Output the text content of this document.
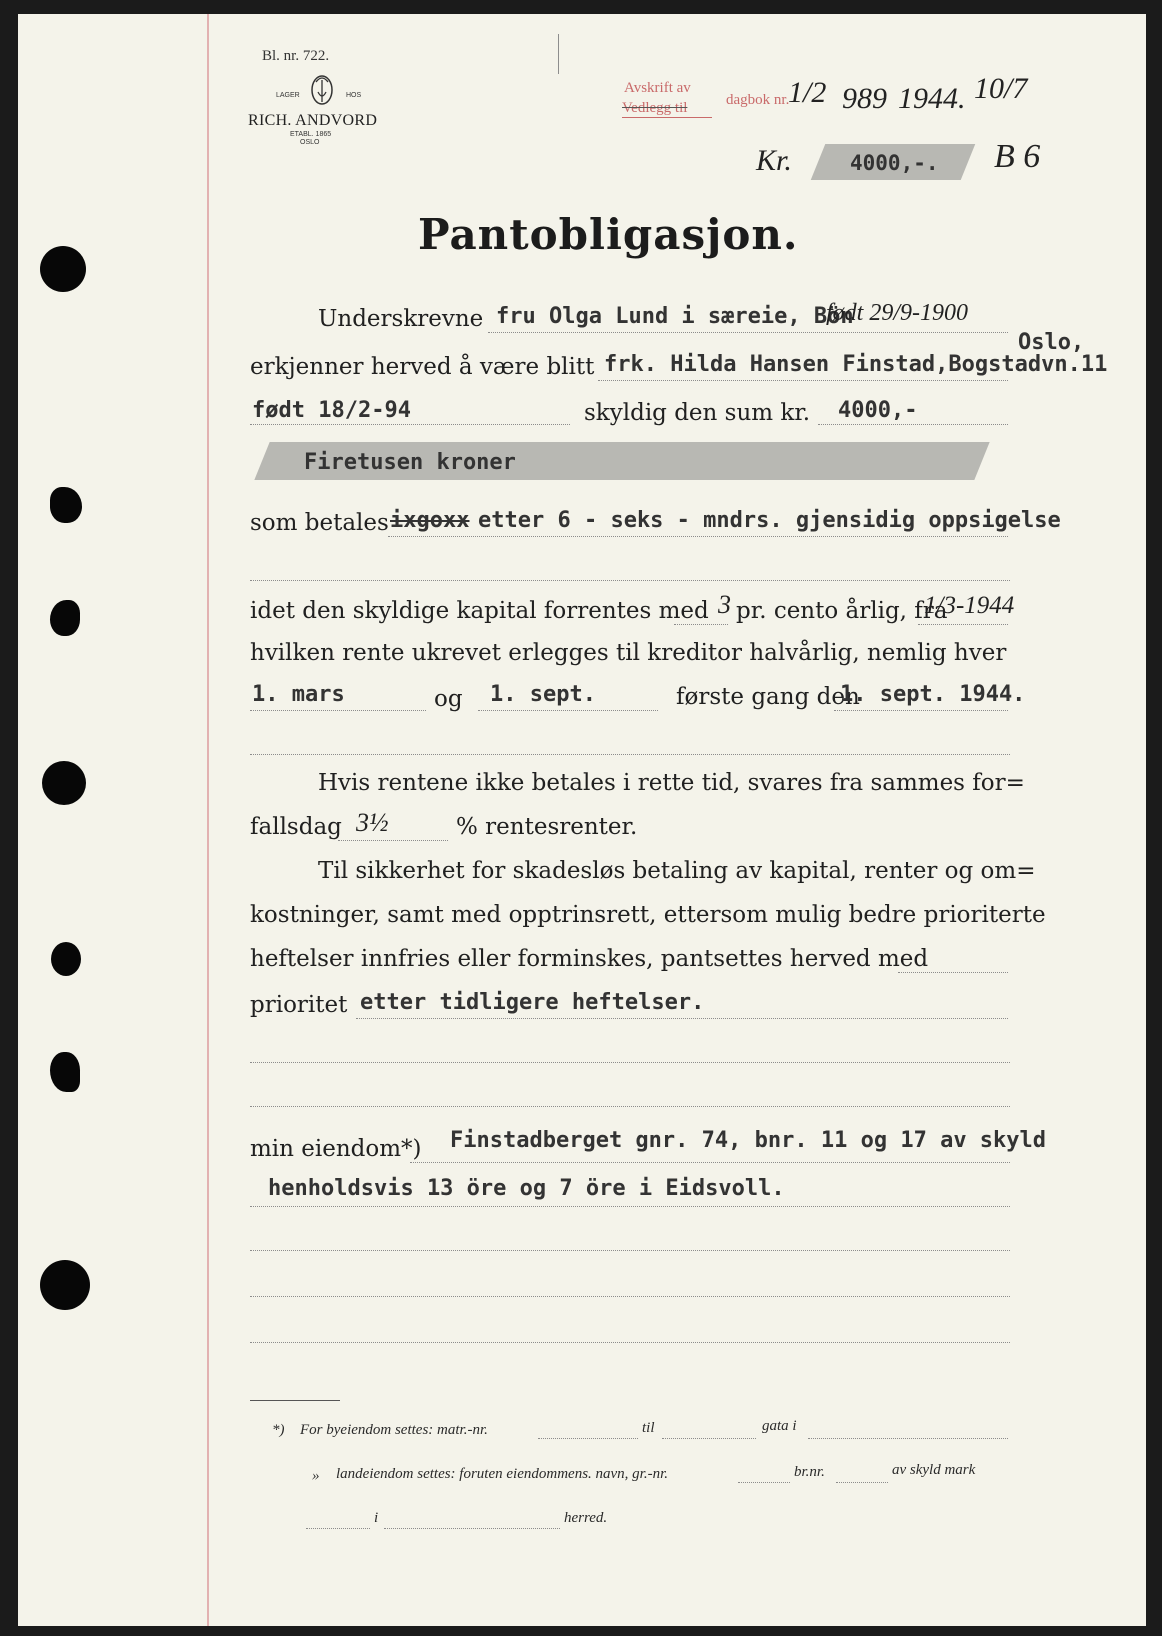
Bl. nr. 722.
LAGER	HOS
RICH. ANDVORD
ETABL. 1865
OSLO
Avskrift av
Vedlegg til	dagbok nr.
1/2 989 1944. 10/7
Kr.	4000,-. B 6
Pantobligasjon.
Underskrevne fru Olga Lund i særeie, Bön
født 29/9-1900
Oslo,
erkjenner herved å være blitt frk. Hilda Hansen Finstad,Bogstadvn.11
født 18/2-94	skyldig den sum kr. 4000,-
Firetusen kroner
som betales ixgoxx etter 6 - seks - mndrs. gjensidig oppsigelse
idet den skyldige kapital forrentes med 3 pr. cento årlig, fra
1/3-1944
hvilken rente ukrevet erlegges til kreditor halvårlig, nemlig hver
1. mars	og 1. sept.	første gang den
1. sept. 1944.
Hvis rentene ikke betales i rette tid, svares fra sammes for=
fallsdag 3½	% rentesrenter.
Til sikkerhet for skadesløs betaling av kapital, renter og om=
kostninger, samt med opptrinsrett, ettersom mulig bedre prioriterte
heftelser innfries eller forminskes, pantsettes herved med
prioritet etter tidligere heftelser.
min eiendom*) Finstadberget gnr. 74, bnr. 11 og 17 av skyld
henholdsvis 13 öre og 7 öre i Eidsvoll.
*) For byeiendom settes: matr.-nr.	til	gata i
» landeiendom settes: foruten eiendommens. navn, gr.-nr.	br.nr.	av skyld mark
i	herred.
